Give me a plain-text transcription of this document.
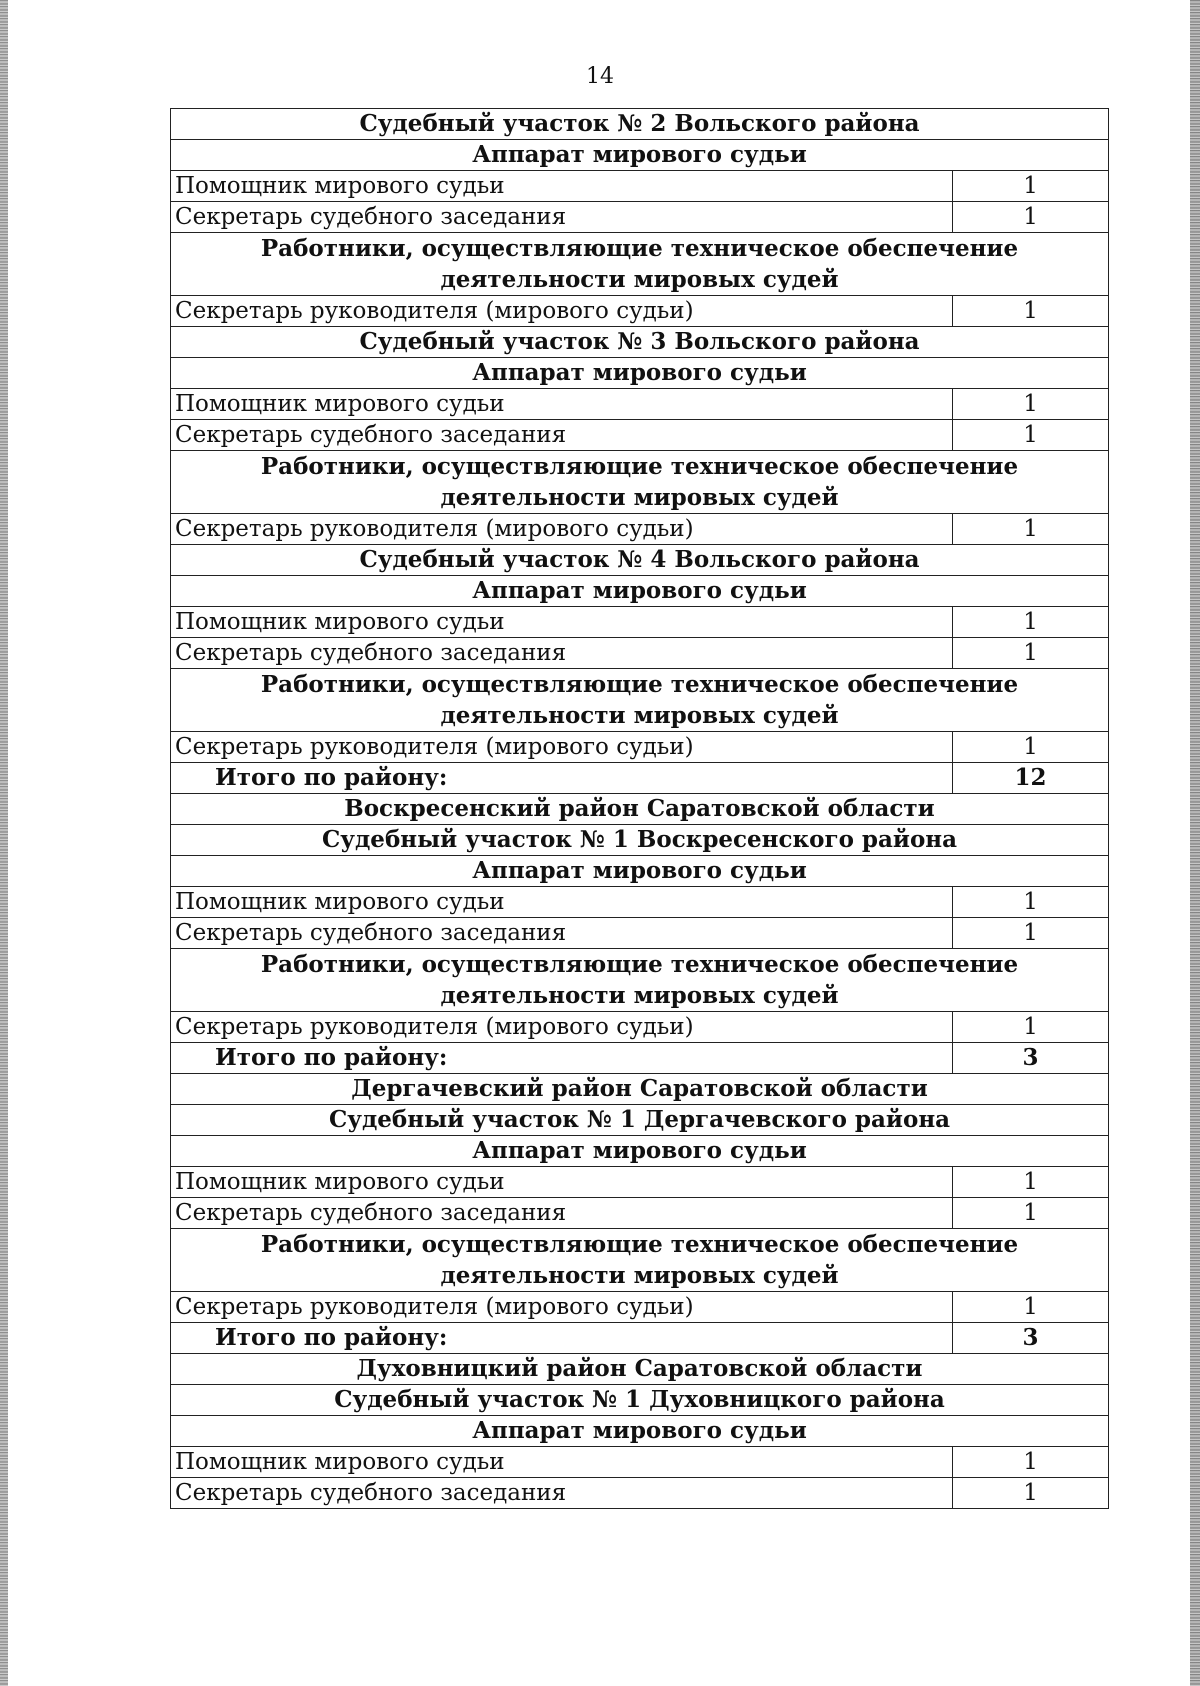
14
Судебный участок № 2 Вольского района	
Аппарат мирового судьи	
Помощник мирового судьи	1
Секретарь судебного заседания	1
Работники, осуществляющие техническое обеспечение деятельности мировых судей	
Секретарь руководителя (мирового судьи)	1
Судебный участок № 3 Вольского района	
Аппарат мирового судьи	
Помощник мирового судьи	1
Секретарь судебного заседания	1
Работники, осуществляющие техническое обеспечение деятельности мировых судей	
Секретарь руководителя (мирового судьи)	1
Судебный участок № 4 Вольского района	
Аппарат мирового судьи	
Помощник мирового судьи	1
Секретарь судебного заседания	1
Работники, осуществляющие техническое обеспечение деятельности мировых судей	
Секретарь руководителя (мирового судьи)	1
Итого по району:	12
Воскресенский район Саратовской области	
Судебный участок № 1 Воскресенского района	
Аппарат мирового судьи	
Помощник мирового судьи	1
Секретарь судебного заседания	1
Работники, осуществляющие техническое обеспечение деятельности мировых судей	
Секретарь руководителя (мирового судьи)	1
Итого по району:	3
Дергачевский район Саратовской области	
Судебный участок № 1 Дергачевского района	
Аппарат мирового судьи	
Помощник мирового судьи	1
Секретарь судебного заседания	1
Работники, осуществляющие техническое обеспечение деятельности мировых судей	
Секретарь руководителя (мирового судьи)	1
Итого по району:	3
Духовницкий район Саратовской области	
Судебный участок № 1 Духовницкого района	
Аппарат мирового судьи	
Помощник мирового судьи	1
Секретарь судебного заседания	1
